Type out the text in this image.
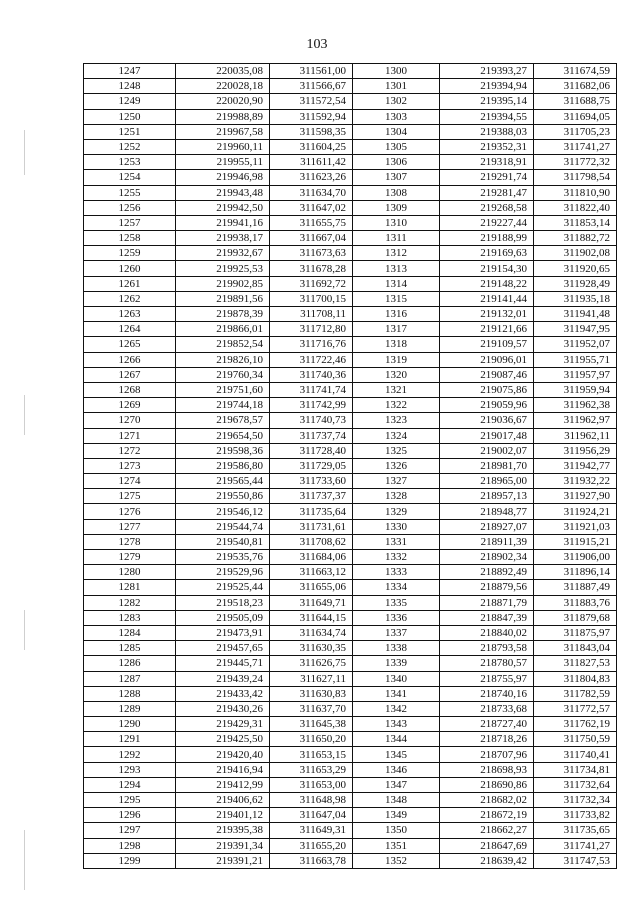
103
1247	220035,08	311561,00	1300	219393,27	311674,59
1248	220028,18	311566,67	1301	219394,94	311682,06
1249	220020,90	311572,54	1302	219395,14	311688,75
1250	219988,89	311592,94	1303	219394,55	311694,05
1251	219967,58	311598,35	1304	219388,03	311705,23
1252	219960,11	311604,25	1305	219352,31	311741,27
1253	219955,11	311611,42	1306	219318,91	311772,32
1254	219946,98	311623,26	1307	219291,74	311798,54
1255	219943,48	311634,70	1308	219281,47	311810,90
1256	219942,50	311647,02	1309	219268,58	311822,40
1257	219941,16	311655,75	1310	219227,44	311853,14
1258	219938,17	311667,04	1311	219188,99	311882,72
1259	219932,67	311673,63	1312	219169,63	311902,08
1260	219925,53	311678,28	1313	219154,30	311920,65
1261	219902,85	311692,72	1314	219148,22	311928,49
1262	219891,56	311700,15	1315	219141,44	311935,18
1263	219878,39	311708,11	1316	219132,01	311941,48
1264	219866,01	311712,80	1317	219121,66	311947,95
1265	219852,54	311716,76	1318	219109,57	311952,07
1266	219826,10	311722,46	1319	219096,01	311955,71
1267	219760,34	311740,36	1320	219087,46	311957,97
1268	219751,60	311741,74	1321	219075,86	311959,94
1269	219744,18	311742,99	1322	219059,96	311962,38
1270	219678,57	311740,73	1323	219036,67	311962,97
1271	219654,50	311737,74	1324	219017,48	311962,11
1272	219598,36	311728,40	1325	219002,07	311956,29
1273	219586,80	311729,05	1326	218981,70	311942,77
1274	219565,44	311733,60	1327	218965,00	311932,22
1275	219550,86	311737,37	1328	218957,13	311927,90
1276	219546,12	311735,64	1329	218948,77	311924,21
1277	219544,74	311731,61	1330	218927,07	311921,03
1278	219540,81	311708,62	1331	218911,39	311915,21
1279	219535,76	311684,06	1332	218902,34	311906,00
1280	219529,96	311663,12	1333	218892,49	311896,14
1281	219525,44	311655,06	1334	218879,56	311887,49
1282	219518,23	311649,71	1335	218871,79	311883,76
1283	219505,09	311644,15	1336	218847,39	311879,68
1284	219473,91	311634,74	1337	218840,02	311875,97
1285	219457,65	311630,35	1338	218793,58	311843,04
1286	219445,71	311626,75	1339	218780,57	311827,53
1287	219439,24	311627,11	1340	218755,97	311804,83
1288	219433,42	311630,83	1341	218740,16	311782,59
1289	219430,26	311637,70	1342	218733,68	311772,57
1290	219429,31	311645,38	1343	218727,40	311762,19
1291	219425,50	311650,20	1344	218718,26	311750,59
1292	219420,40	311653,15	1345	218707,96	311740,41
1293	219416,94	311653,29	1346	218698,93	311734,81
1294	219412,99	311653,00	1347	218690,86	311732,64
1295	219406,62	311648,98	1348	218682,02	311732,34
1296	219401,12	311647,04	1349	218672,19	311733,82
1297	219395,38	311649,31	1350	218662,27	311735,65
1298	219391,34	311655,20	1351	218647,69	311741,27
1299	219391,21	311663,78	1352	218639,42	311747,53
